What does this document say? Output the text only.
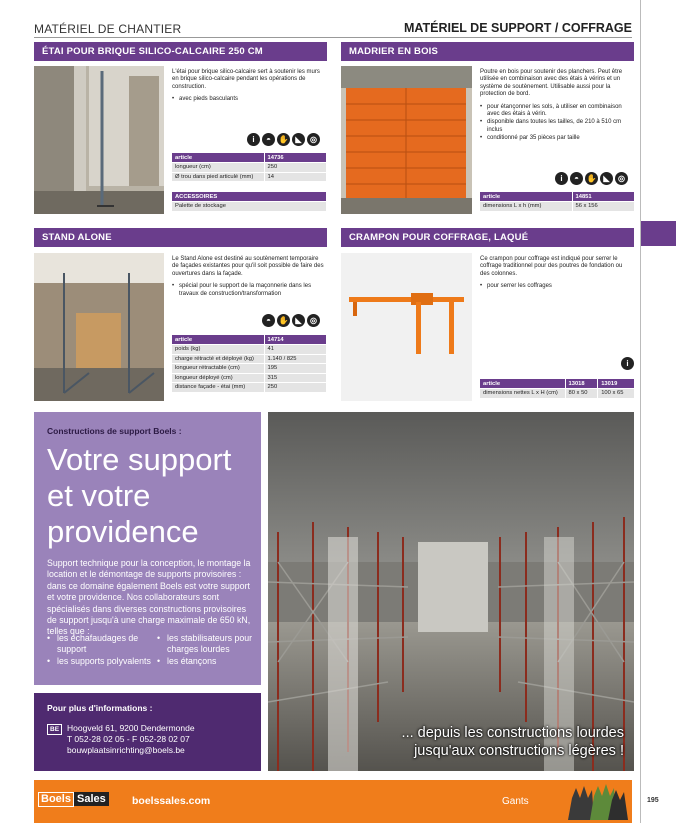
MATÉRIEL DE CHANTIER	MATÉRIEL DE SUPPORT / COFFRAGE
ÉTAI POUR BRIQUE SILICO-CALCAIRE 250 CM

L'étai pour brique silico-calcaire sert à soutenir les murs en brique silico-calcaire pendant les opérations de construction.

• avec pieds basculants
i	◓ ✋ ◣	◎
article	14736
longueur (cm)	250
Ø trou dans pied articulé (mm)	14
ACCESSOIRES
Palette de stockage
MADRIER EN BOIS

Poutre en bois pour soutenir des planchers. Peut être utilisée en combinaison avec des étais à vérins et un système de soutènement. Utilisable aussi pour la protection de bord.

• pour étançonner les sols, à utiliser en combinaison avec des étais à vérin.
• disponible dans toutes les tailles, de 210 à 510 cm inclus
• conditionné par 35 pièces par taille
i	◓ ✋ ◣	◎
article	14851
dimensions L x h (mm)	56 x 156
STAND ALONE

Le Stand Alone est destiné au soutènement temporaire de façades existantes pour qu'il soit possible de faire des ouvertures dans la façade.

• spécial pour le support de la maçonnerie dans les travaux de construction/transformation
◓ ✋ ◣	◎
article	14714
poids (kg)	41
charge rétracté et déployé (kg)	1.140 / 825
longueur rétractable (cm)	195
longueur déployé (cm)	315
distance façade - étai (mm)	250
CRAMPON POUR COFFRAGE, LAQUÉ

Ce crampon pour coffrage est indiqué pour serrer le coffrage traditionnel pour des poutres de fondation ou des colonnes.

• pour serrer les coffrages
i
article	13018	13019
dimensions nettes L x H (cm)	80 x 50	100 x 65
Constructions de support Boels :
Votre support
et votre
providence
Support technique pour la conception, le montage la location et le démontage de supports provisoires : dans ce domaine également Boels est votre support et votre providence. Nos collaborateurs sont spécialisés dans diverses constructions provisoires de support jusqu'à une charge maximale de 650 kN, telles que :
• les échafaudages de support
• les supports polyvalents
• les stabilisateurs pour charges lourdes
• les étançons
Pour plus d'informations :
BE Hoogveld 61, 9200 Dendermonde
T 052-28 02 05 - F 052-28 02 07
bouwplaatsinrichting@boels.be
... depuis les constructions lourdes
jusqu'aux constructions légères !
Boels Sales	boelssales.com	Gants	195
